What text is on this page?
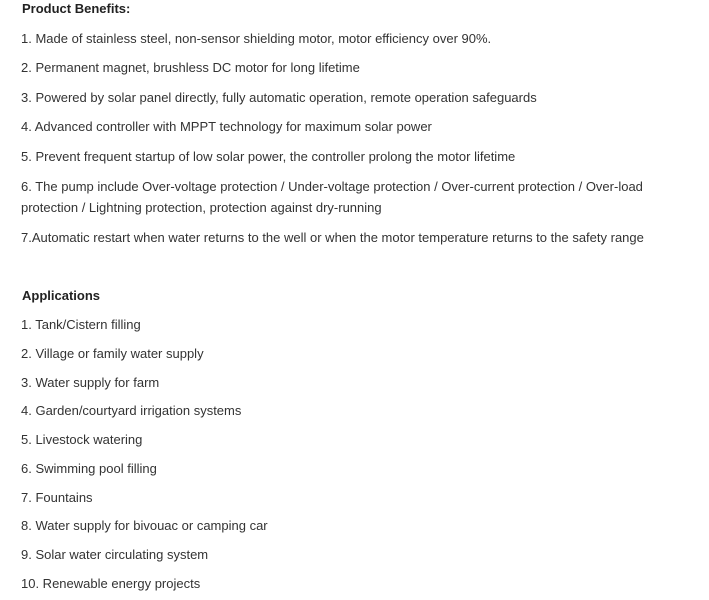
Product Benefits:

1. Made of stainless steel, non-sensor shielding motor, motor efficiency over 90%.

2. Permanent magnet, brushless DC motor for long lifetime

3. Powered by solar panel directly, fully automatic operation, remote operation safeguards

4. Advanced controller with MPPT technology for maximum solar power

5. Prevent frequent startup of low solar power, the controller prolong the motor lifetime

6. The pump include Over-voltage protection / Under-voltage protection / Over-current protection / Over-load protection / Lightning protection, protection against dry-running

7.Automatic restart when water returns to the well or when the motor temperature returns to the safety range

Applications

1. Tank/Cistern filling

2. Village or family water supply

3. Water supply for farm

4. Garden/courtyard irrigation systems

5. Livestock watering

6. Swimming pool filling

7. Fountains

8. Water supply for bivouac or camping car

9. Solar water circulating system

10. Renewable energy projects
